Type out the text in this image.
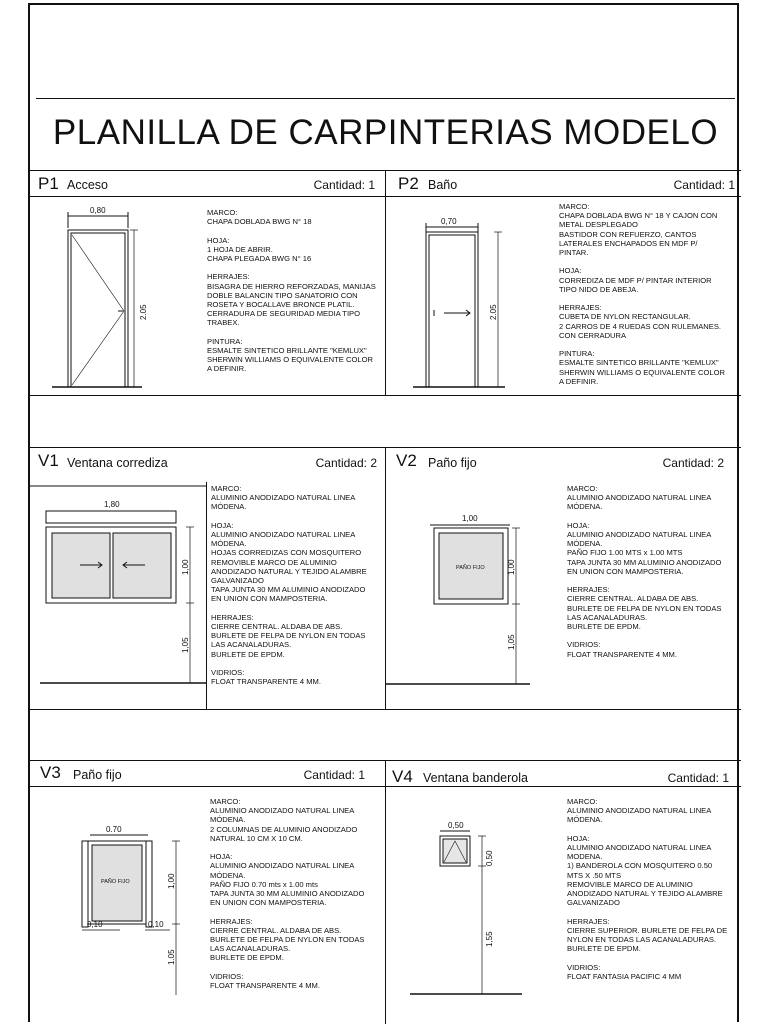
PLANILLA DE CARPINTERIAS MODELO
P1 Acceso	Cantidad: 1
MARCO:
CHAPA DOBLADA BWG N° 18

HOJA:
1 HOJA DE ABRIR.
CHAPA PLEGADA BWG N° 16

HERRAJES:
BISAGRA DE HIERRO REFORZADAS, MANIJAS
DOBLE BALANCIN TIPO SANATORIO CON
ROSETA Y BOCALLAVE BRONCE PLATIL.
CERRADURA DE SEGURIDAD MEDIA TIPO
TRABEX.

PINTURA:
ESMALTE SINTETICO BRILLANTE "KEMLUX"
SHERWIN WILLIAMS O EQUIVALENTE COLOR
A DEFINIR.
P2 Baño	Cantidad: 1
MARCO:
CHAPA DOBLADA BWG N° 18 Y CAJON CON
METAL DESPLEGADO
BASTIDOR CON REFUERZO, CANTOS
LATERALES ENCHAPADOS EN MDF P/
PINTAR.

HOJA:
CORREDIZA DE MDF P/ PINTAR INTERIOR
TIPO NIDO DE ABEJA.

HERRAJES:
CUBETA DE NYLON RECTANGULAR.
2 CARROS DE 4 RUEDAS CON RULEMANES.
CON CERRADURA

PINTURA:
ESMALTE SINTETICO BRILLANTE "KEMLUX"
SHERWIN WILLIAMS O EQUIVALENTE COLOR
A DEFINIR.
V1 Ventana corrediza	Cantidad: 2
MARCO:
ALUMINIO ANODIZADO NATURAL LINEA
MÓDENA.

HOJA:
ALUMINIO ANODIZADO NATURAL LINEA
MÓDENA.
HOJAS CORREDIZAS CON MOSQUITERO
REMOVIBLE MARCO DE ALUMINIO
ANODIZADO NATURAL Y TEJIDO ALAMBRE
GALVANIZADO
TAPA JUNTA 30 MM ALUMINIO ANODIZADO
EN UNION CON MAMPOSTERIA.

HERRAJES:
CIERRE CENTRAL. ALDABA DE ABS.
BURLETE DE FELPA DE NYLON EN TODAS
LAS ACANALADURAS.
BURLETE DE EPDM.

VIDRIOS:
FLOAT TRANSPARENTE 4 MM.
V2 Paño fijo	Cantidad: 2
MARCO:
ALUMINIO ANODIZADO NATURAL LINEA
MÓDENA.

HOJA:
ALUMINIO ANODIZADO NATURAL LINEA
MÓDENA.
PAÑO FIJO 1.00 MTS x 1.00 MTS
TAPA JUNTA 30 MM ALUMINIO ANODIZADO
EN UNION CON MAMPOSTERIA.

HERRAJES:
CIERRE CENTRAL. ALDABA DE ABS.
BURLETE DE FELPA DE NYLON EN TODAS
LAS ACANALADURAS.
BURLETE DE EPDM.

VIDRIOS:
FLOAT TRANSPARENTE 4 MM.
V3 Paño fijo	Cantidad: 1
MARCO:
ALUMINIO ANODIZADO NATURAL LINEA
MÓDENA.
2 COLUMNAS DE ALUMINIO ANODIZADO
NATURAL 10 CM X 10 CM.

HOJA:
ALUMINIO ANODIZADO NATURAL LINEA
MÓDENA.
PAÑO FIJO 0.70 mts x 1.00 mts
TAPA JUNTA 30 MM ALUMINIO ANODIZADO
EN UNION CON MAMPOSTERIA.

HERRAJES:
CIERRE CENTRAL. ALDABA DE ABS.
BURLETE DE FELPA DE NYLON EN TODAS
LAS ACANALADURAS.
BURLETE DE EPDM.

VIDRIOS:
FLOAT TRANSPARENTE 4 MM.
V4 Ventana banderola	Cantidad: 1
MARCO:
ALUMINIO ANODIZADO NATURAL LINEA
MÓDENA.

HOJA:
ALUMINIO ANODIZADO NATURAL LINEA
MODENA.
1) BANDEROLA CON MOSQUITERO 0.50
MTS X .50 MTS
REMOVIBLE MARCO DE ALUMINIO
ANODIZADO NATURAL Y TEJIDO ALAMBRE
GALVANIZADO

HERRAJES:
CIERRE SUPERIOR. BURLETE DE FELPA DE
NYLON EN TODAS LAS ACANALADURAS.
BURLETE DE EPDM.

VIDRIOS:
FLOAT FANTASIA PACIFIC 4 MM
0,80
2.05
0,70
2.05
1,80
1,00
1,05
1,00
1,00
1,05
PAÑO FIJO
0.70
1,00
0,10	0,10
1.05
PAÑO FIJO
0,50
0,50
1,55
